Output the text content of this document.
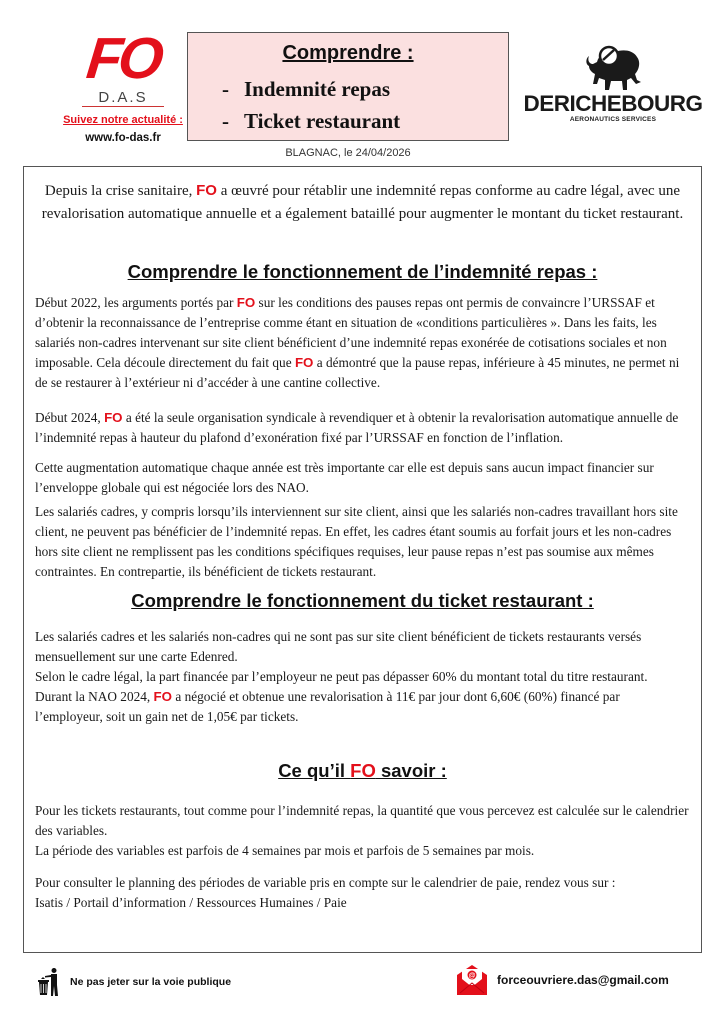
FO
D.A.S
Suivez notre actualité :
www.fo-das.fr
Comprendre :
- Indemnité repas
- Ticket restaurant
BLAGNAC, le 24/04/2026
DERICHEBOURG
AERONAUTICS SERVICES

Depuis la crise sanitaire, FO a œuvré pour rétablir une indemnité repas conforme au cadre légal, avec une revalorisation automatique annuelle et a également bataillé pour augmenter le montant du ticket restaurant.

Comprendre le fonctionnement de l’indemnité repas :

Début 2022, les arguments portés par FO sur les conditions des pauses repas ont permis de convaincre l’URSSAF et d’obtenir la reconnaissance de l’entreprise comme étant en situation de «conditions particulières ». Dans les faits, les salariés non-cadres intervenant sur site client bénéficient d’une indemnité repas exonérée de cotisations sociales et non imposable. Cela découle directement du fait que FO a démontré que la pause repas, inférieure à 45 minutes, ne permet ni de se restaurer à l’extérieur ni d’accéder à une cantine collective.

Début 2024, FO a été la seule organisation syndicale à revendiquer et à obtenir la revalorisation automatique annuelle de l’indemnité repas à hauteur du plafond d’exonération fixé par l’URSSAF en fonction de l’inflation.

Cette augmentation automatique chaque année est très importante car elle est depuis sans aucun impact financier sur l’enveloppe globale qui est négociée lors des NAO.

Les salariés cadres, y compris lorsqu’ils interviennent sur site client, ainsi que les salariés non-cadres travaillant hors site client, ne peuvent pas bénéficier de l’indemnité repas. En effet, les cadres étant soumis au forfait jours et les non-cadres hors site client ne remplissent pas les conditions spécifiques requises, leur pause repas n’est pas soumise aux mêmes contraintes. En contrepartie, ils bénéficient de tickets restaurant.

Comprendre le fonctionnement du ticket restaurant :
Les salariés cadres et les salariés non-cadres qui ne sont pas sur site client bénéficient de tickets restaurants versés mensuellement sur une carte Edenred.
Selon le cadre légal, la part financée par l’employeur ne peut pas dépasser 60% du montant total du titre restaurant.
Durant la NAO 2024, FO a négocié et obtenue une revalorisation à 11€ par jour dont 6,60€ (60%) financé par l’employeur, soit un gain net de 1,05€ par tickets.
Ce qu’il FO savoir :
Pour les tickets restaurants, tout comme pour l’indemnité repas, la quantité que vous percevez est calculée sur le calendrier des variables.
La période des variables est parfois de 4 semaines par mois et parfois de 5 semaines par mois.
Pour consulter le planning des périodes de variable pris en compte sur le calendrier de paie, rendez vous sur :
Isatis / Portail d’information / Ressources Humaines / Paie
Ne pas jeter sur la voie publique	@ forceouvriere.das@gmail.com
